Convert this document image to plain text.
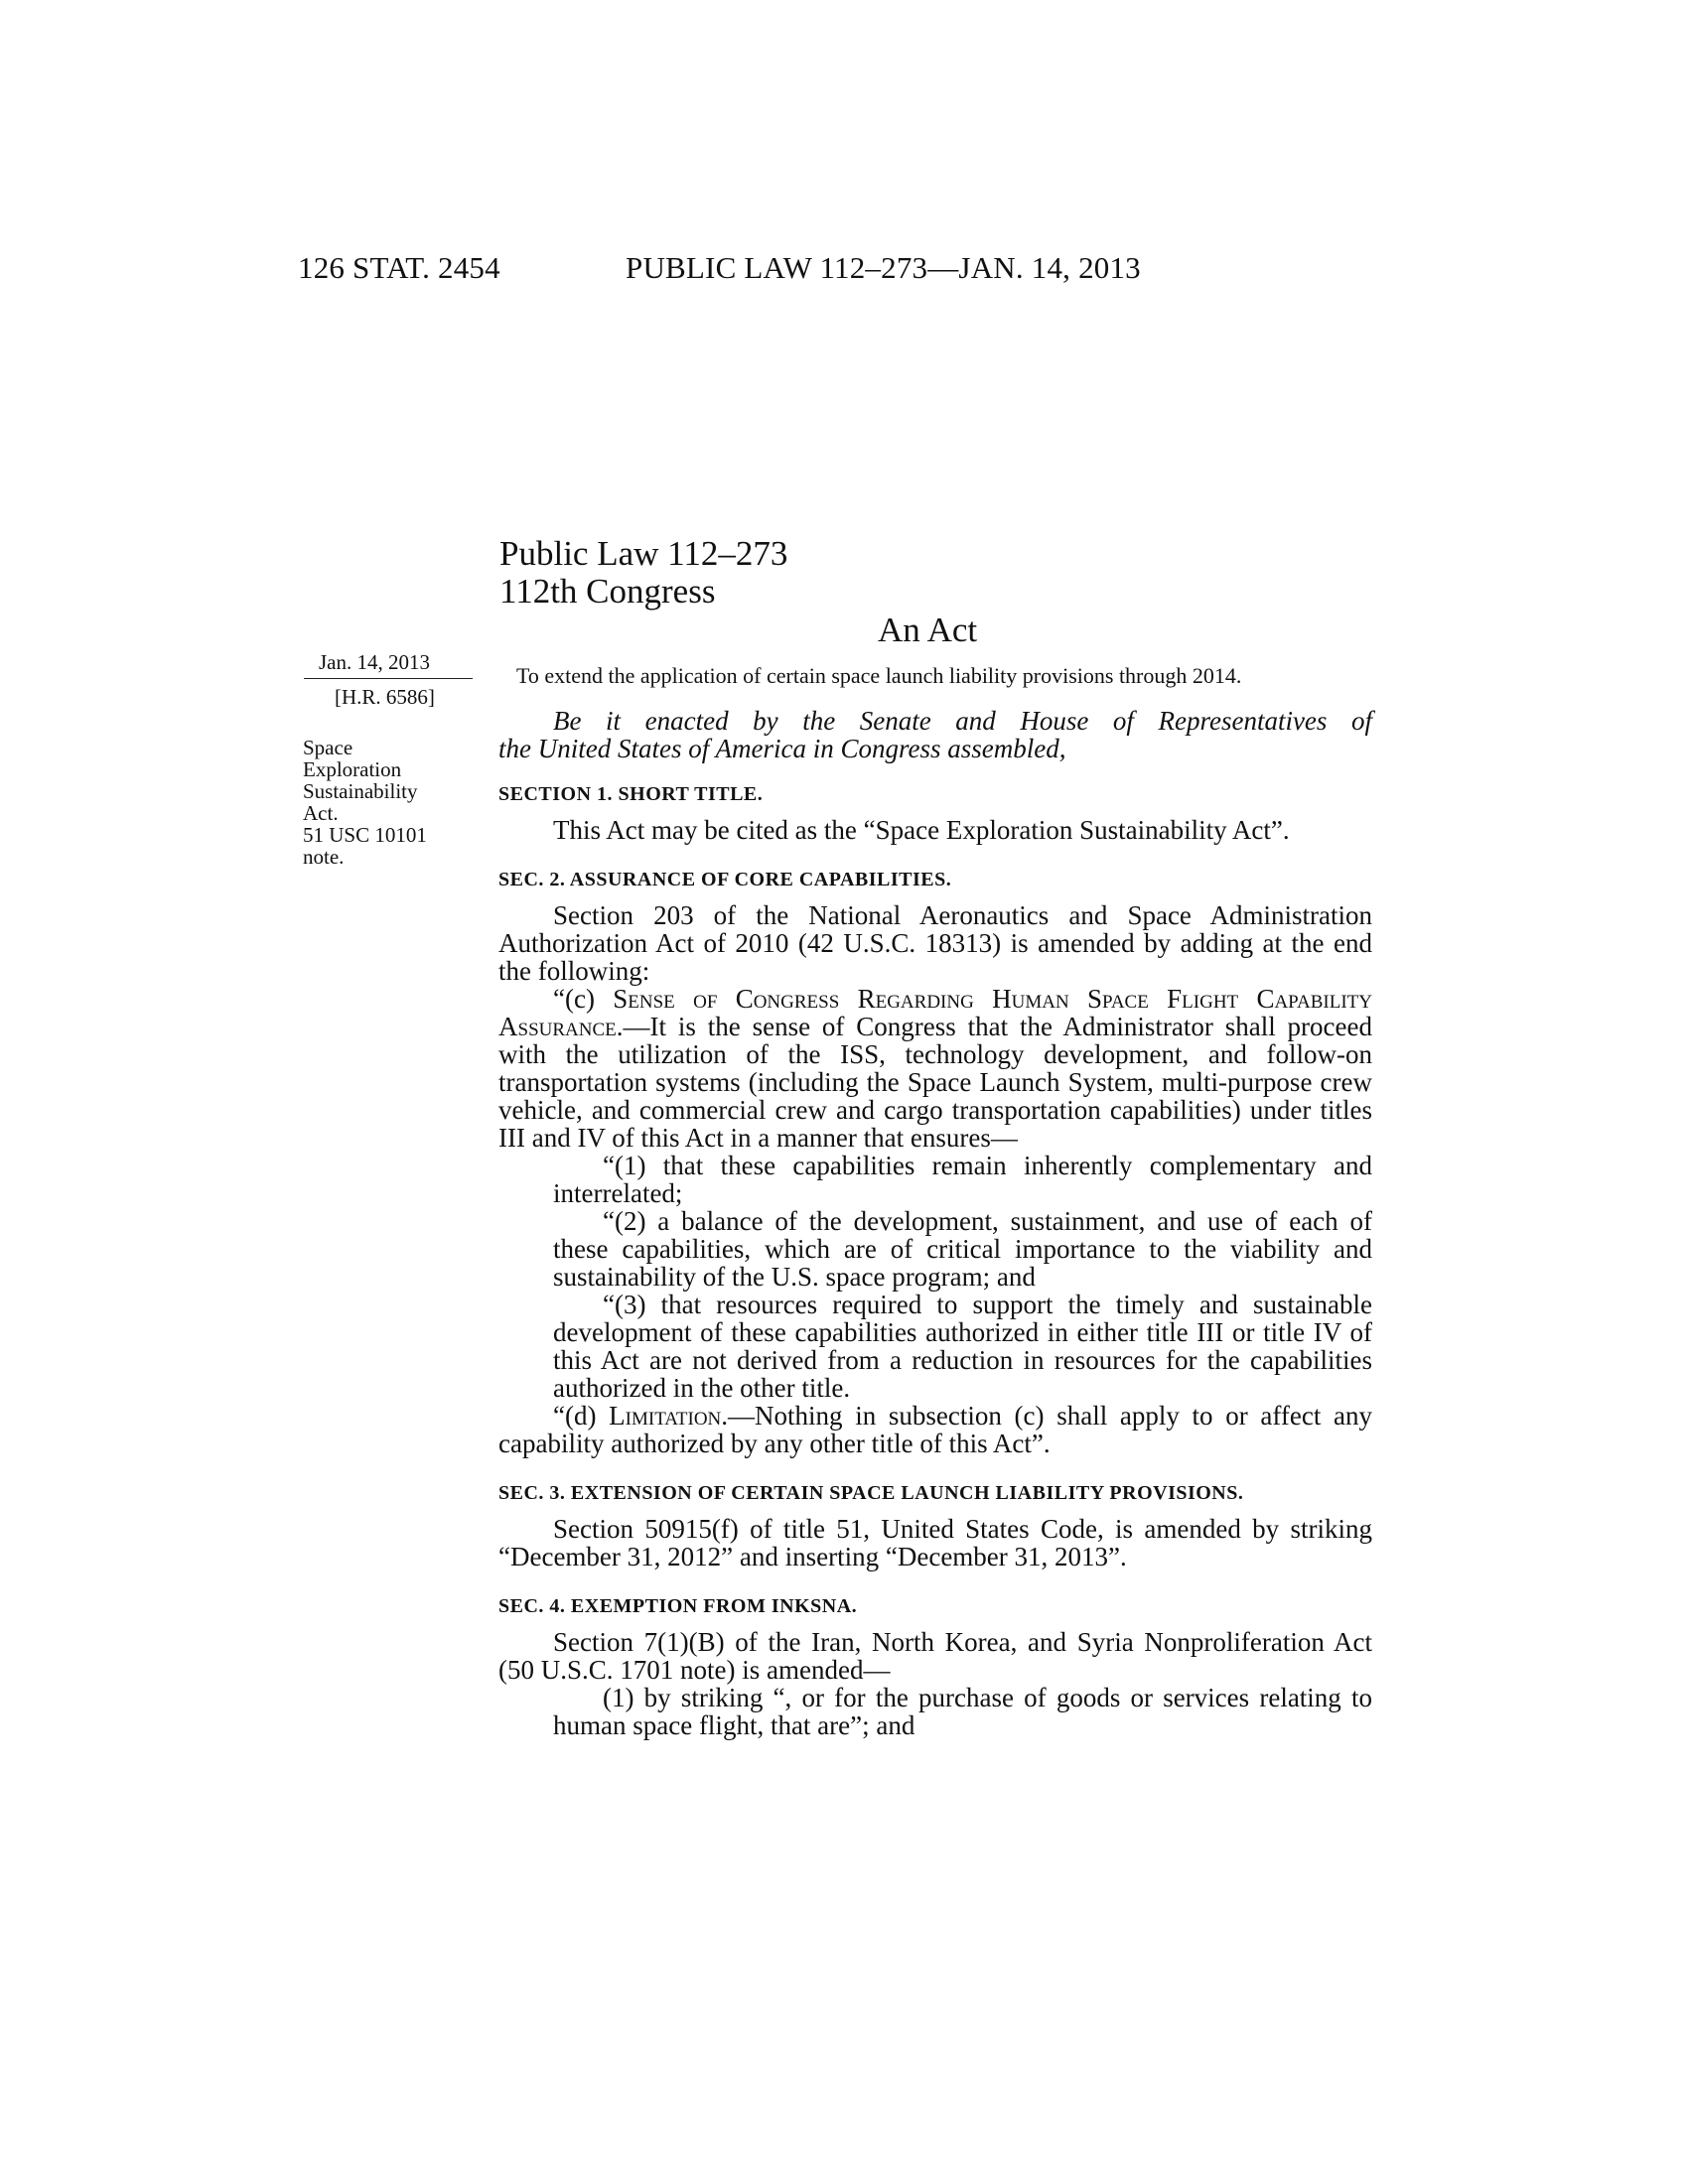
126 STAT. 2454	PUBLIC LAW 112–273—JAN. 14, 2013
Public Law 112–273
112th Congress
An Act
Jan. 14, 2013
[H.R. 6586]
Space
Exploration
Sustainability
Act.
51 USC 10101
note.
To extend the application of certain space launch liability provisions through 2014.

Be it enacted by the Senate and House of Representatives of

the United States of America in Congress assembled,

SECTION 1. SHORT TITLE.

This Act may be cited as the “Space Exploration Sustainability Act”.

SEC. 2. ASSURANCE OF CORE CAPABILITIES.

Section 203 of the National Aeronautics and Space Administration Authorization Act of 2010 (42 U.S.C. 18313) is amended by adding at the end the following:

“(c) Sense of Congress Regarding Human Space Flight Capability Assurance.—It is the sense of Congress that the Administrator shall proceed with the utilization of the ISS, technology development, and follow-on transportation systems (including the Space Launch System, multi-purpose crew vehicle, and commercial crew and cargo transportation capabilities) under titles III and IV of this Act in a manner that ensures—

“(1) that these capabilities remain inherently complementary and interrelated;

“(2) a balance of the development, sustainment, and use of each of these capabilities, which are of critical importance to the viability and sustainability of the U.S. space program; and

“(3) that resources required to support the timely and sustainable development of these capabilities authorized in either title III or title IV of this Act are not derived from a reduction in resources for the capabilities authorized in the other title.

“(d) Limitation.—Nothing in subsection (c) shall apply to or affect any capability authorized by any other title of this Act”.

SEC. 3. EXTENSION OF CERTAIN SPACE LAUNCH LIABILITY PROVISIONS.

Section 50915(f) of title 51, United States Code, is amended by striking “December 31, 2012” and inserting “December 31, 2013”.

SEC. 4. EXEMPTION FROM INKSNA.

Section 7(1)(B) of the Iran, North Korea, and Syria Nonproliferation Act (50 U.S.C. 1701 note) is amended—

(1) by striking “, or for the purchase of goods or services relating to human space flight, that are”; and
